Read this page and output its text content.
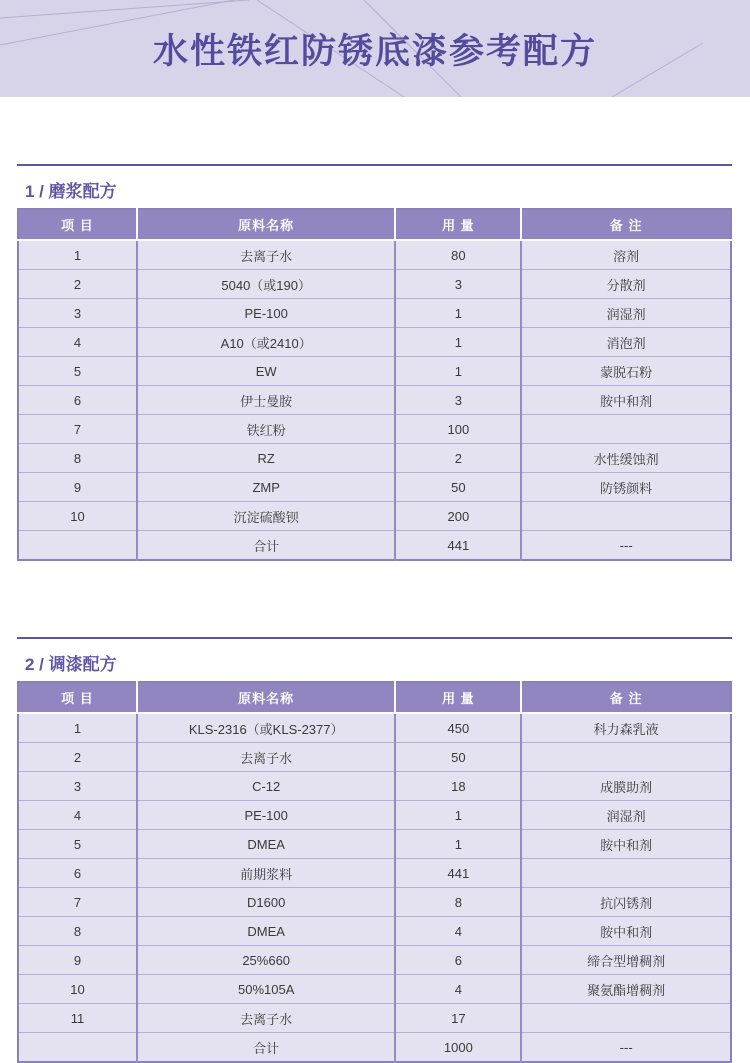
水性铁红防锈底漆参考配方
1 / 磨浆配方
项 目	原料名称	用 量	备 注
1	去离子水	80	溶剂
2	5040（或190）	3	分散剂
3	PE-100	1	润湿剂
4	A10（或2410）	1	消泡剂
5	EW	1	蒙脱石粉
6	伊士曼胺	3	胺中和剂
7	铁红粉	100	
8	RZ	2	水性缓蚀剂
9	ZMP	50	防锈颜料
10	沉淀硫酸钡	200	
	合计	441	---
2 / 调漆配方
项 目	原料名称	用 量	备 注
1	KLS-2316（或KLS-2377）	450	科力森乳液
2	去离子水	50	
3	C-12	18	成膜助剂
4	PE-100	1	润湿剂
5	DMEA	1	胺中和剂
6	前期浆料	441	
7	D1600	8	抗闪锈剂
8	DMEA	4	胺中和剂
9	25%660	6	缔合型增稠剂
10	50%105A	4	聚氨酯增稠剂
11	去离子水	17	
	合计	1000	---
